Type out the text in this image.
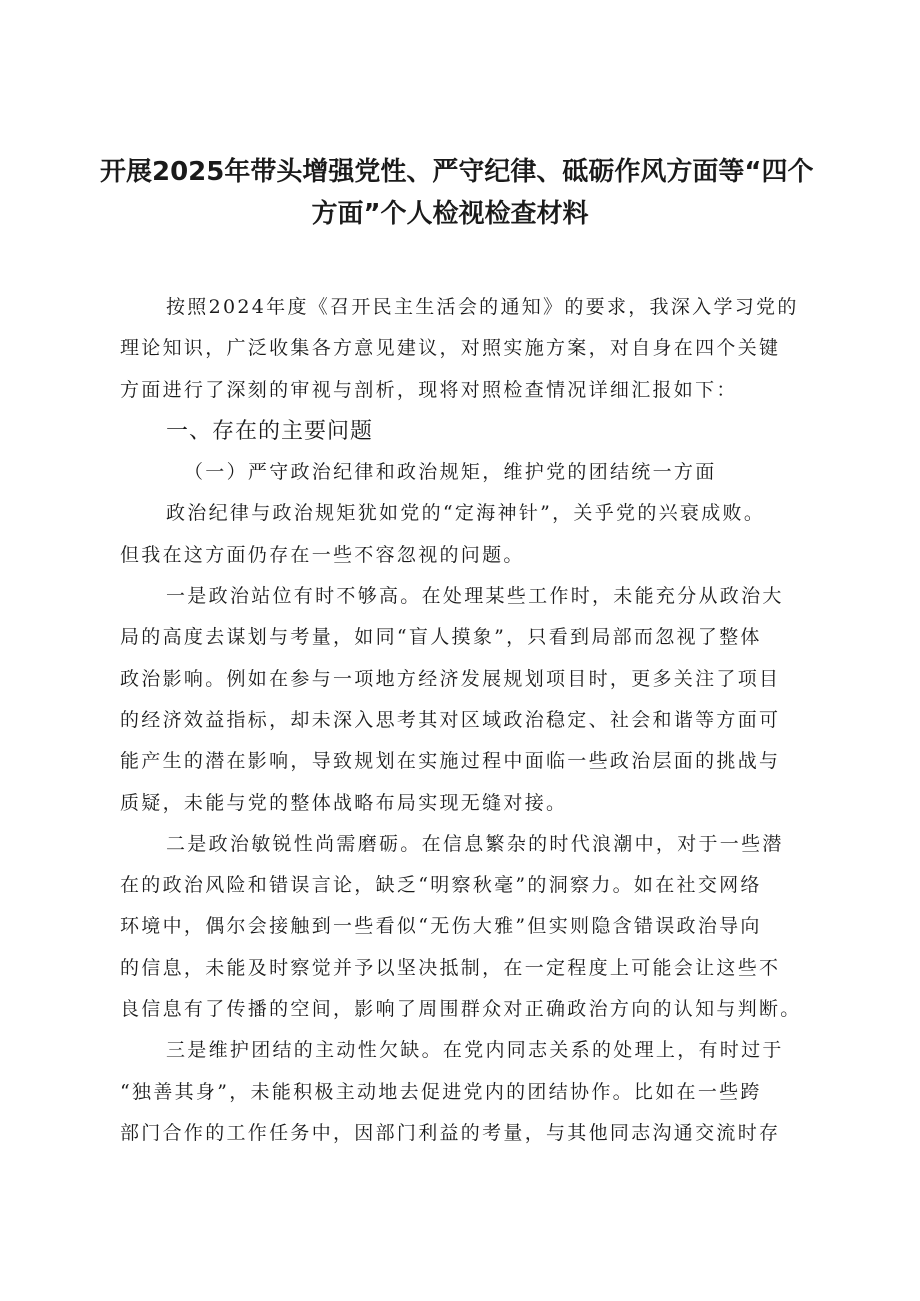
开展2025年带头增强党性、严守纪律、砥砺作风方面等“四个
方面”个人检视检查材料
按照2024年度《召开民主生活会的通知》的要求，我深入学习党的
理论知识，广泛收集各方意见建议，对照实施方案，对自身在四个关键
方面进行了深刻的审视与剖析，现将对照检查情况详细汇报如下：
一、存在的主要问题
（一）严守政治纪律和政治规矩，维护党的团结统一方面
政治纪律与政治规矩犹如党的“定海神针”，关乎党的兴衰成败。
但我在这方面仍存在一些不容忽视的问题。
一是政治站位有时不够高。在处理某些工作时，未能充分从政治大
局的高度去谋划与考量，如同“盲人摸象”，只看到局部而忽视了整体
政治影响。例如在参与一项地方经济发展规划项目时，更多关注了项目
的经济效益指标，却未深入思考其对区域政治稳定、社会和谐等方面可
能产生的潜在影响，导致规划在实施过程中面临一些政治层面的挑战与
质疑，未能与党的整体战略布局实现无缝对接。
二是政治敏锐性尚需磨砺。在信息繁杂的时代浪潮中，对于一些潜
在的政治风险和错误言论，缺乏“明察秋毫”的洞察力。如在社交网络
环境中，偶尔会接触到一些看似“无伤大雅”但实则隐含错误政治导向
的信息，未能及时察觉并予以坚决抵制，在一定程度上可能会让这些不
良信息有了传播的空间，影响了周围群众对正确政治方向的认知与判断。
三是维护团结的主动性欠缺。在党内同志关系的处理上，有时过于
“独善其身”，未能积极主动地去促进党内的团结协作。比如在一些跨
部门合作的工作任务中，因部门利益的考量，与其他同志沟通交流时存
